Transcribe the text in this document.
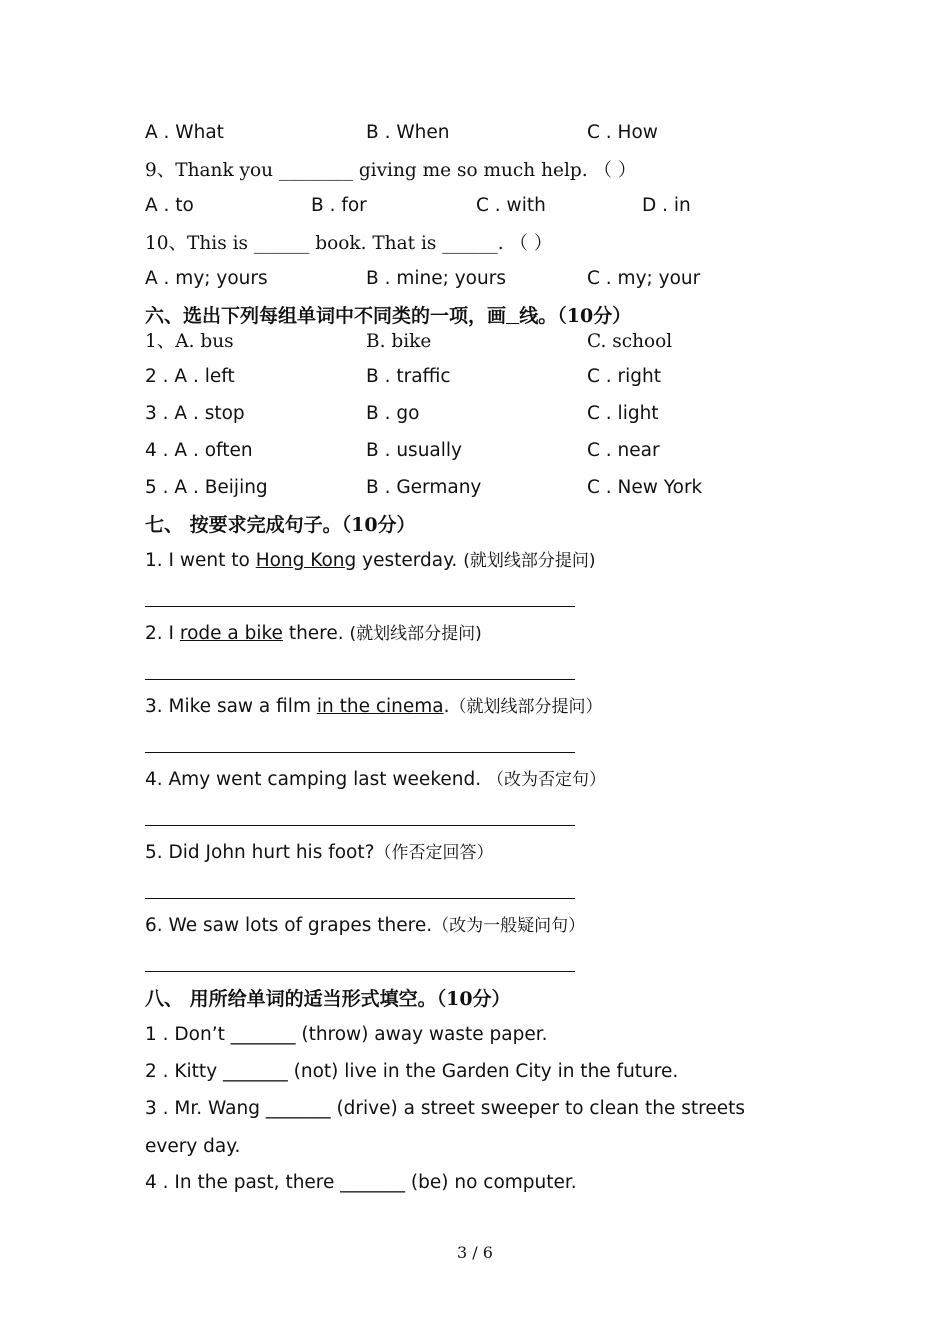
A . What	B . When	C . How
9、Thank you ________ giving me so much help. （ ）
A . to	B . for	C . with	D . in
10、This is ______ book. That is ______. （ ）
A . my; yours	B . mine; yours	C . my; your
六、选出下列每组单词中不同类的一项，画 线。（10分）
1、A. bus	B. bike	C. school
2 . A . left	B . traffic	C . right
3 . A . stop	B . go	C . light
4 . A . often	B . usually	C . near
5 . A . Beijing	B . Germany	C . New York
七、 按要求完成句子。（10分）
1. I went to Hong Kong yesterday. (就划线部分提问)
2. I rode a bike there. (就划线部分提问)
3. Mike saw a film in the cinema.（就划线部分提问）
4. Amy went camping last weekend. （改为否定句）
5. Did John hurt his foot?（作否定回答）
6. We saw lots of grapes there.（改为一般疑问句）
八、 用所给单词的适当形式填空。（10分）
1 . Don’t _______ (throw) away waste paper.
2 . Kitty _______ (not) live in the Garden City in the future.
3 . Mr. Wang _______ (drive) a street sweeper to clean the streets
every day.
4 . In the past, there _______ (be) no computer.
3 / 6
